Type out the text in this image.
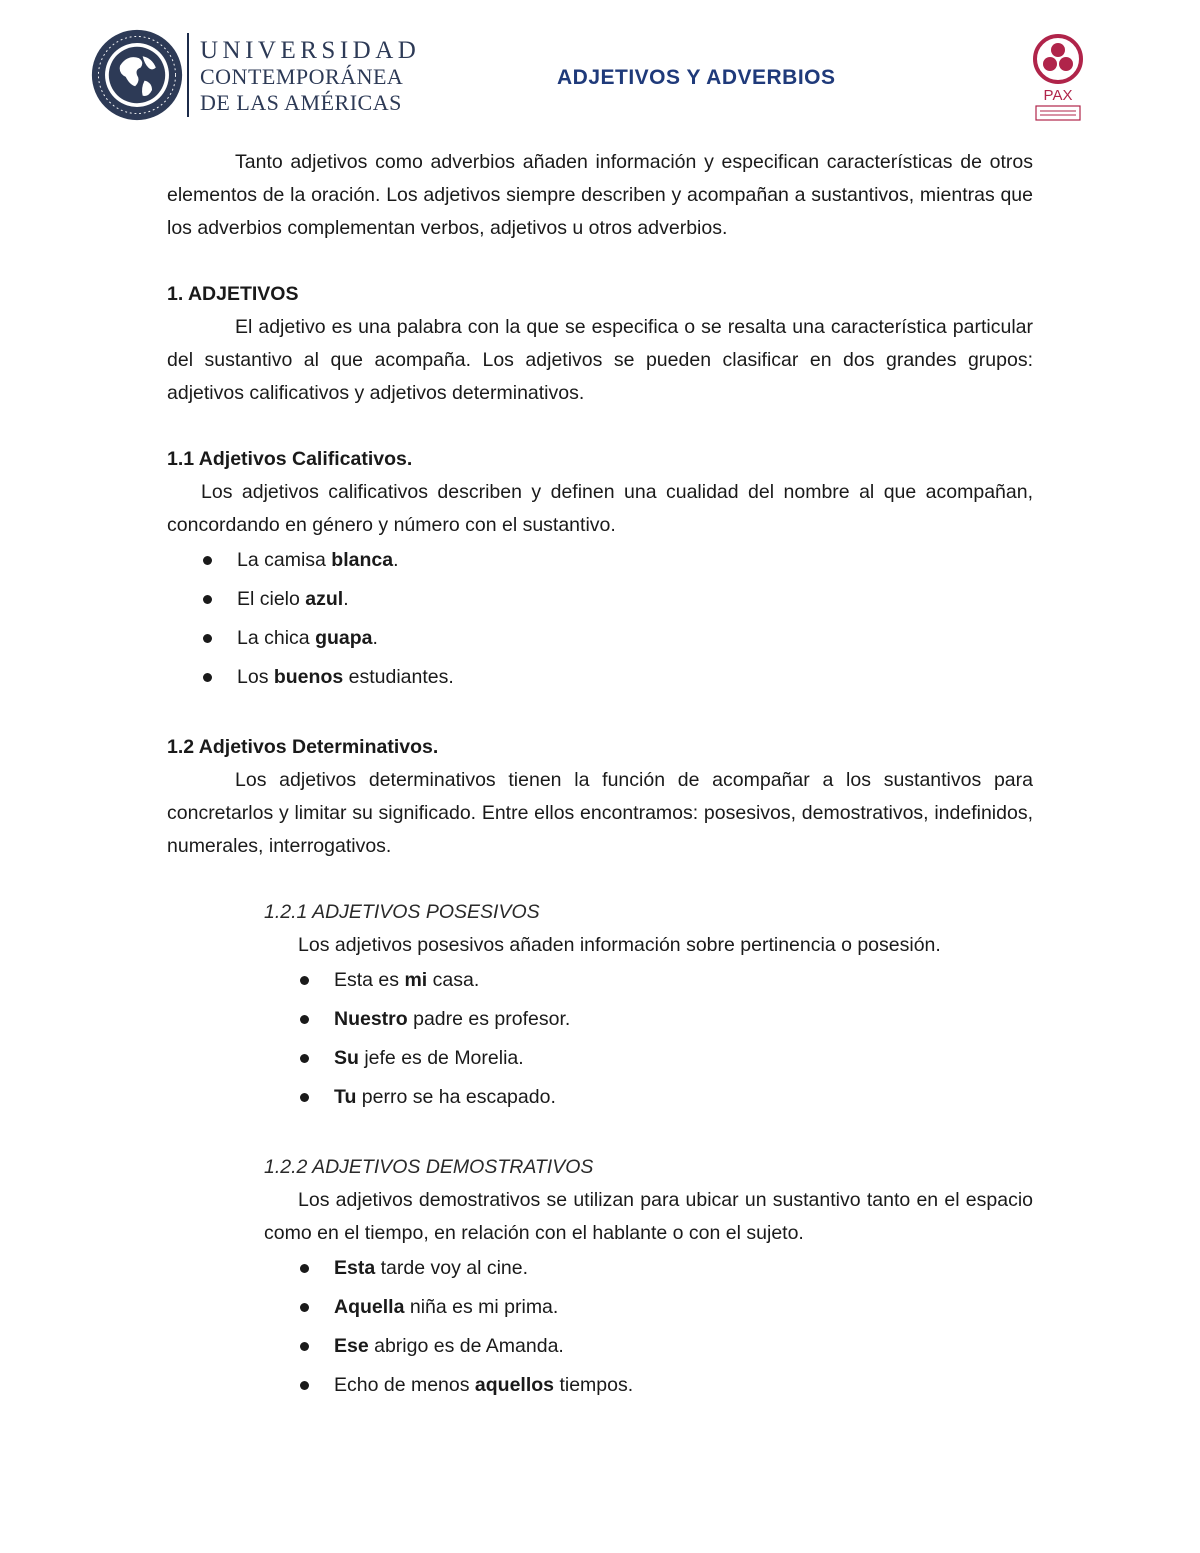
UNIVERSIDAD
CONTEMPORÁNEA
DE LAS AMÉRICAS
ADJETIVOS Y ADVERBIOS
PAX

Tanto adjetivos como adverbios añaden información y especifican características de otros elementos de la oración. Los adjetivos siempre describen y acompañan a sustantivos, mientras que los adverbios complementan verbos, adjetivos u otros adverbios.

1. ADJETIVOS

El adjetivo es una palabra con la que se especifica o se resalta una característica particular del sustantivo al que acompaña. Los adjetivos se pueden clasificar en dos grandes grupos: adjetivos calificativos y adjetivos determinativos.

1.1 Adjetivos Calificativos.

Los adjetivos calificativos describen y definen una cualidad del nombre al que acompañan, concordando en género y número con el sustantivo.

La camisa blanca.
El cielo azul.
La chica guapa.
Los buenos estudiantes.

1.2 Adjetivos Determinativos.

Los adjetivos determinativos tienen la función de acompañar a los sustantivos para concretarlos y limitar su significado. Entre ellos encontramos: posesivos, demostrativos, indefinidos, numerales, interrogativos.

1.2.1 ADJETIVOS POSESIVOS

Los adjetivos posesivos añaden información sobre pertinencia o posesión.

Esta es mi casa.
Nuestro padre es profesor.
Su jefe es de Morelia.
Tu perro se ha escapado.

1.2.2 ADJETIVOS DEMOSTRATIVOS

Los adjetivos demostrativos se utilizan para ubicar un sustantivo tanto en el espacio como en el tiempo, en relación con el hablante o con el sujeto.

Esta tarde voy al cine.
Aquella niña es mi prima.
Ese abrigo es de Amanda.
Echo de menos aquellos tiempos.
